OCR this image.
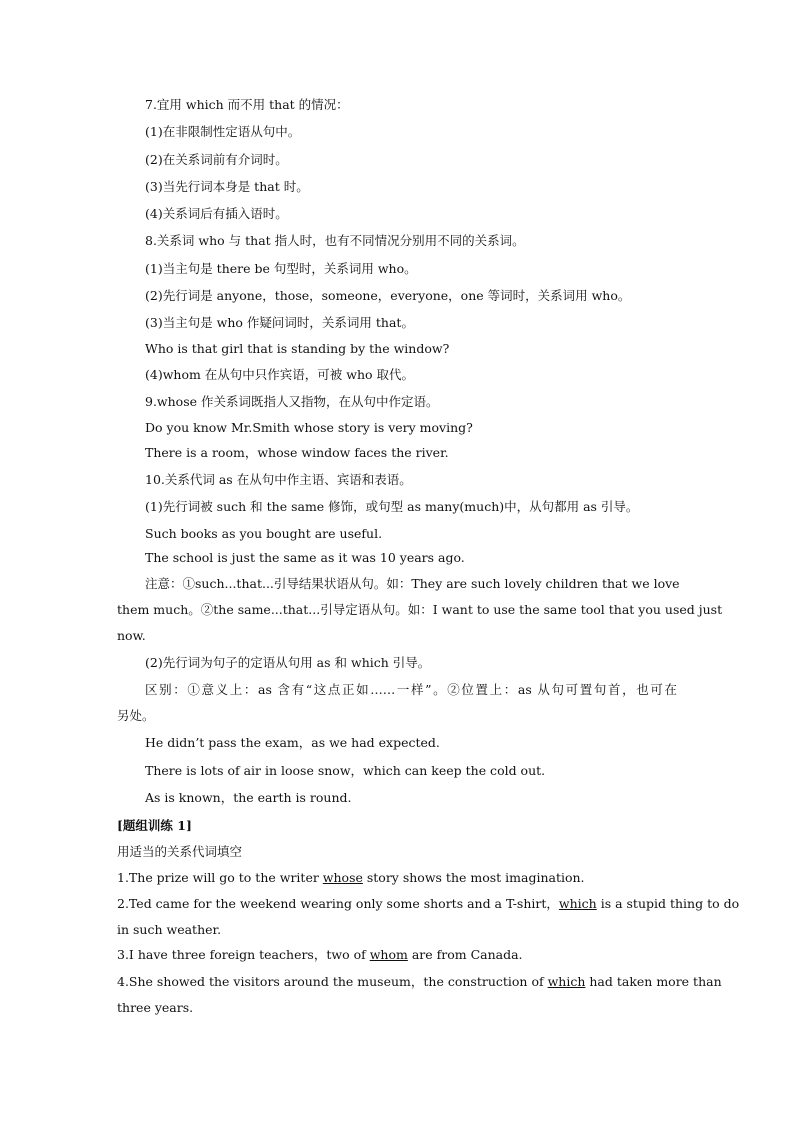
7.宜用 which 而不用 that 的情况：
(1)在非限制性定语从句中。
(2)在关系词前有介词时。
(3)当先行词本身是 that 时。
(4)关系词后有插入语时。
8.关系词 who 与 that 指人时，也有不同情况分别用不同的关系词。
(1)当主句是 there be 句型时，关系词用 who。
(2)先行词是 anyone，those，someone，everyone，one 等词时，关系词用 who。
(3)当主句是 who 作疑问词时，关系词用 that。
Who is that girl that is standing by the window?
(4)whom 在从句中只作宾语，可被 who 取代。
9.whose 作关系词既指人又指物，在从句中作定语。
Do you know Mr.Smith whose story is very moving?
There is a room，whose window faces the river.
10.关系代词 as 在从句中作主语、宾语和表语。
(1)先行词被 such 和 the same 修饰，或句型 as many(much)中，从句都用 as 引导。
Such books as you bought are useful.
The school is just the same as it was 10 years ago.
注意：①such...that...引导结果状语从句。如：They are such lovely children that we love
them much。②the same...that...引导定语从句。如：I want to use the same tool that you used just
now.
(2)先行词为句子的定语从句用 as 和 which 引导。
区别：①意义上：as 含有“这点正如……一样”。②位置上：as 从句可置句首，也可在
另处。
He didn’t pass the exam，as we had expected.
There is lots of air in loose snow，which can keep the cold out.
As is known，the earth is round.
[题组训练 1]
用适当的关系代词填空
1.The prize will go to the writer whose story shows the most imagination.
2.Ted came for the weekend wearing only some shorts and a T-shirt，which is a stupid thing to do
in such weather.
3.I have three foreign teachers，two of whom are from Canada.
4.She showed the visitors around the museum，the construction of which had taken more than
three years.
